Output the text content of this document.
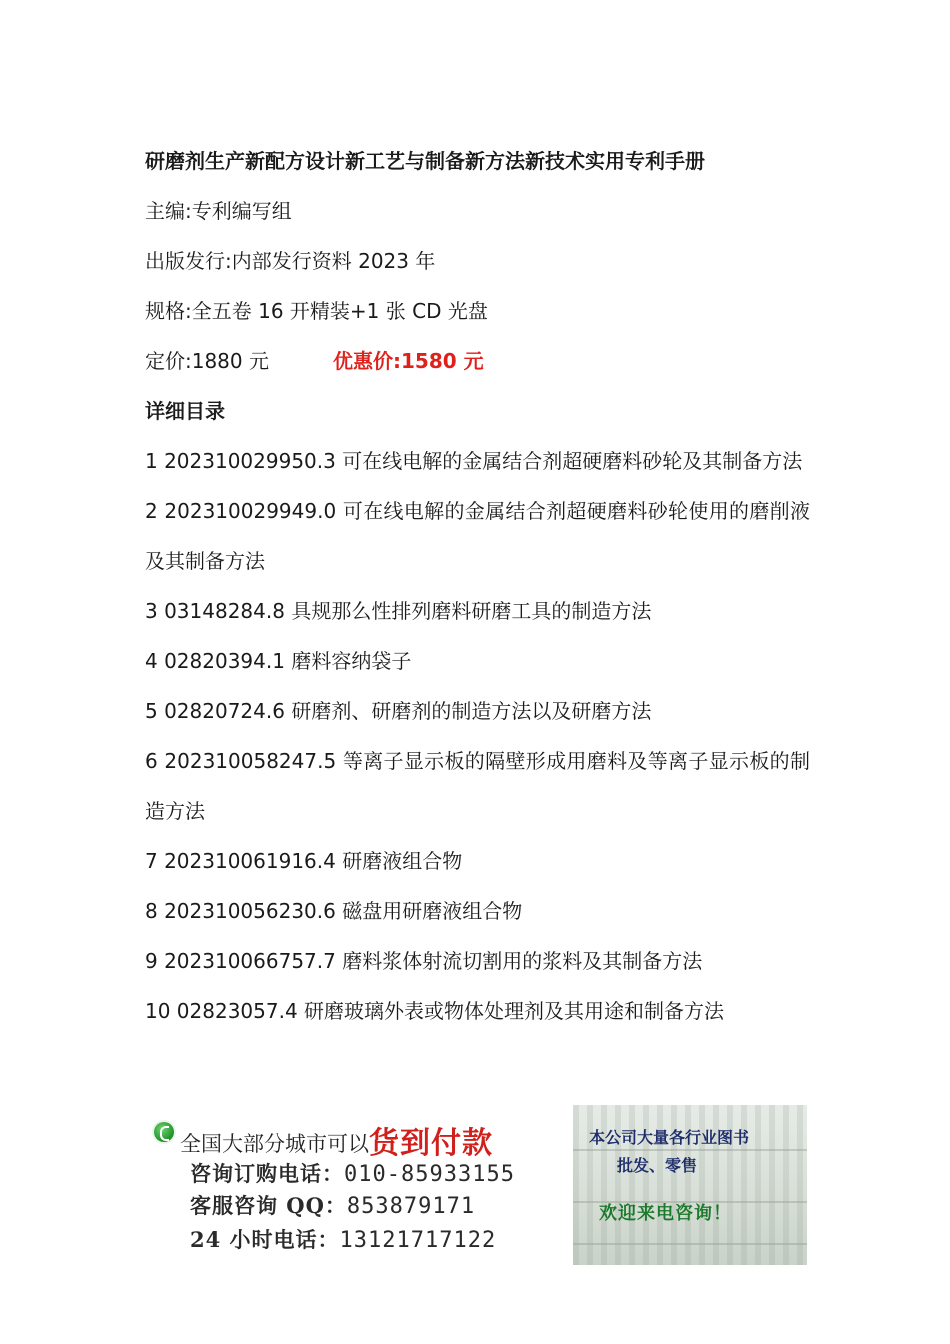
研磨剂生产新配方设计新工艺与制备新方法新技术实用专利手册
主编:专利编写组
出版发行:内部发行资料 2023 年
规格:全五卷 16 开精装+1 张 CD 光盘
定价:1880 元	优惠价:1580 元
详细目录
1 202310029950.3 可在线电解的金属结合剂超硬磨料砂轮及其制备方法
2 202310029949.0 可在线电解的金属结合剂超硬磨料砂轮使用的磨削液及其制备方法
3 03148284.8 具规那么性排列磨料研磨工具的制造方法
4 02820394.1 磨料容纳袋子
5 02820724.6 研磨剂、研磨剂的制造方法以及研磨方法
6 202310058247.5 等离子显示板的隔壁形成用磨料及等离子显示板的制造方法
7 202310061916.4 研磨液组合物
8 202310056230.6 磁盘用研磨液组合物
9 202310066757.7 磨料浆体射流切割用的浆料及其制备方法
10 02823057.4 研磨玻璃外表或物体处理剂及其用途和制备方法
全国大部分城市可以货到付款
咨询订购电话：010-85933155
客服咨询 QQ：853879171
24 小时电话：13121717122
本公司大量各行业图书
批发、零售
欢迎来电咨询！
